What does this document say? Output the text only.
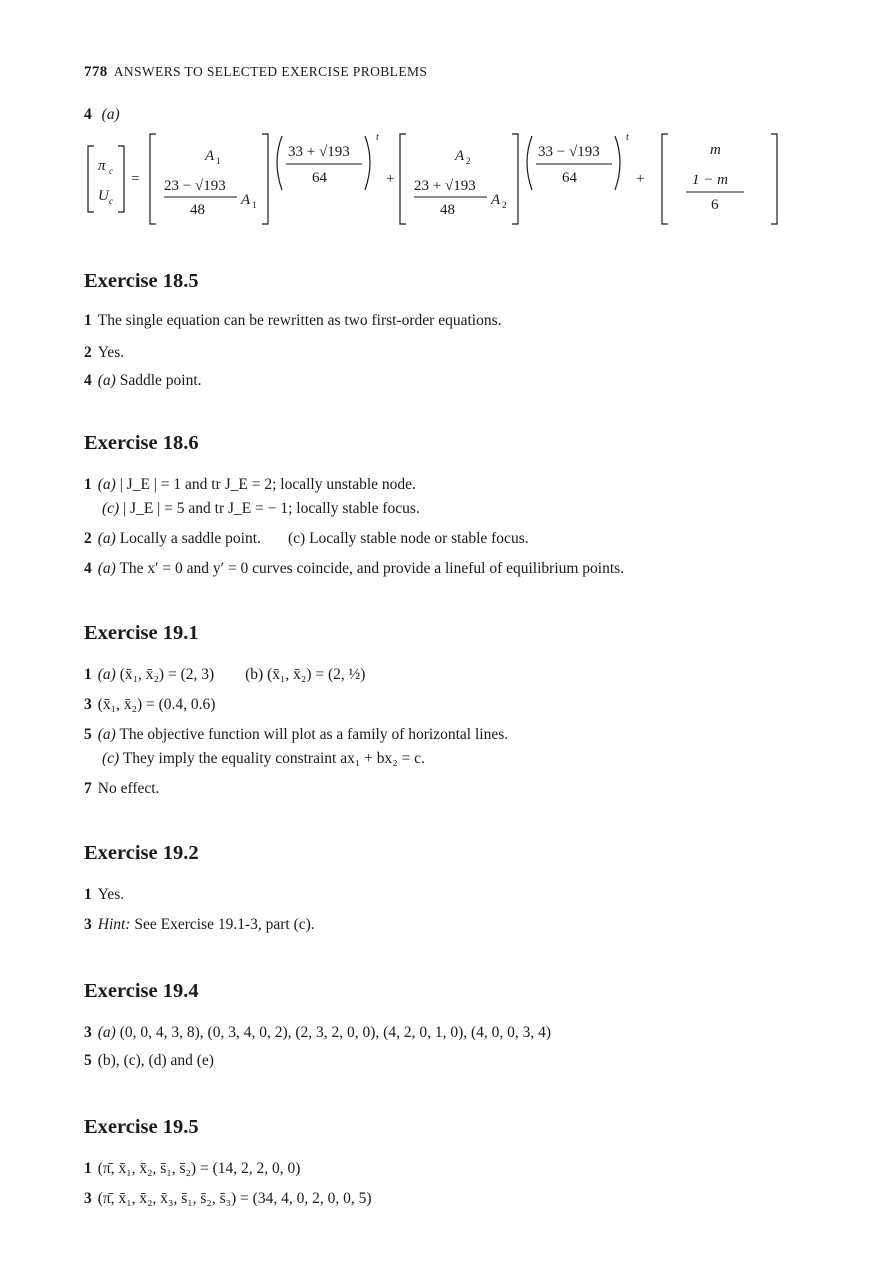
778 ANSWERS TO SELECTED EXERCISE PROBLEMS
4 (a)
π c
U c
=
A 1
23 − √193
48
A 1
33 + √193
64
t
+
A 2
23 + √193
48
A 2
33 − √193
64
t
+
m
1 − m
6
Exercise 18.5
1 The single equation can be rewritten as two first-order equations.
2 Yes.
4 (a) Saddle point.
Exercise 18.6
1 (a) | J_E | = 1 and tr J_E = 2; locally unstable node.
(c) | J_E | = 5 and tr J_E = − 1; locally stable focus.
2 (a) Locally a saddle point.       (c) Locally stable node or stable focus.
4 (a) The x′ = 0 and y′ = 0 curves coincide, and provide a lineful of equilibrium points.
Exercise 19.1
1 (a) (x̄₁, x̄₂) = (2, 3)        (b) (x̄₁, x̄₂) = (2, ½)
3 (x̄₁, x̄₂) = (0.4, 0.6)
5 (a) The objective function will plot as a family of horizontal lines.
(c) They imply the equality constraint ax₁ + bx₂ = c.
7 No effect.
Exercise 19.2
1 Yes.
3 Hint: See Exercise 19.1-3, part (c).
Exercise 19.4
3 (a) (0, 0, 4, 3, 8), (0, 3, 4, 0, 2), (2, 3, 2, 0, 0), (4, 2, 0, 1, 0), (4, 0, 0, 3, 4)
5 (b), (c), (d) and (e)
Exercise 19.5
1 (π̄, x̄₁, x̄₂, s̄₁, s̄₂) = (14, 2, 2, 0, 0)
3 (π̄, x̄₁, x̄₂, x̄₃, s̄₁, s̄₂, s̄₃) = (34, 4, 0, 2, 0, 0, 5)
